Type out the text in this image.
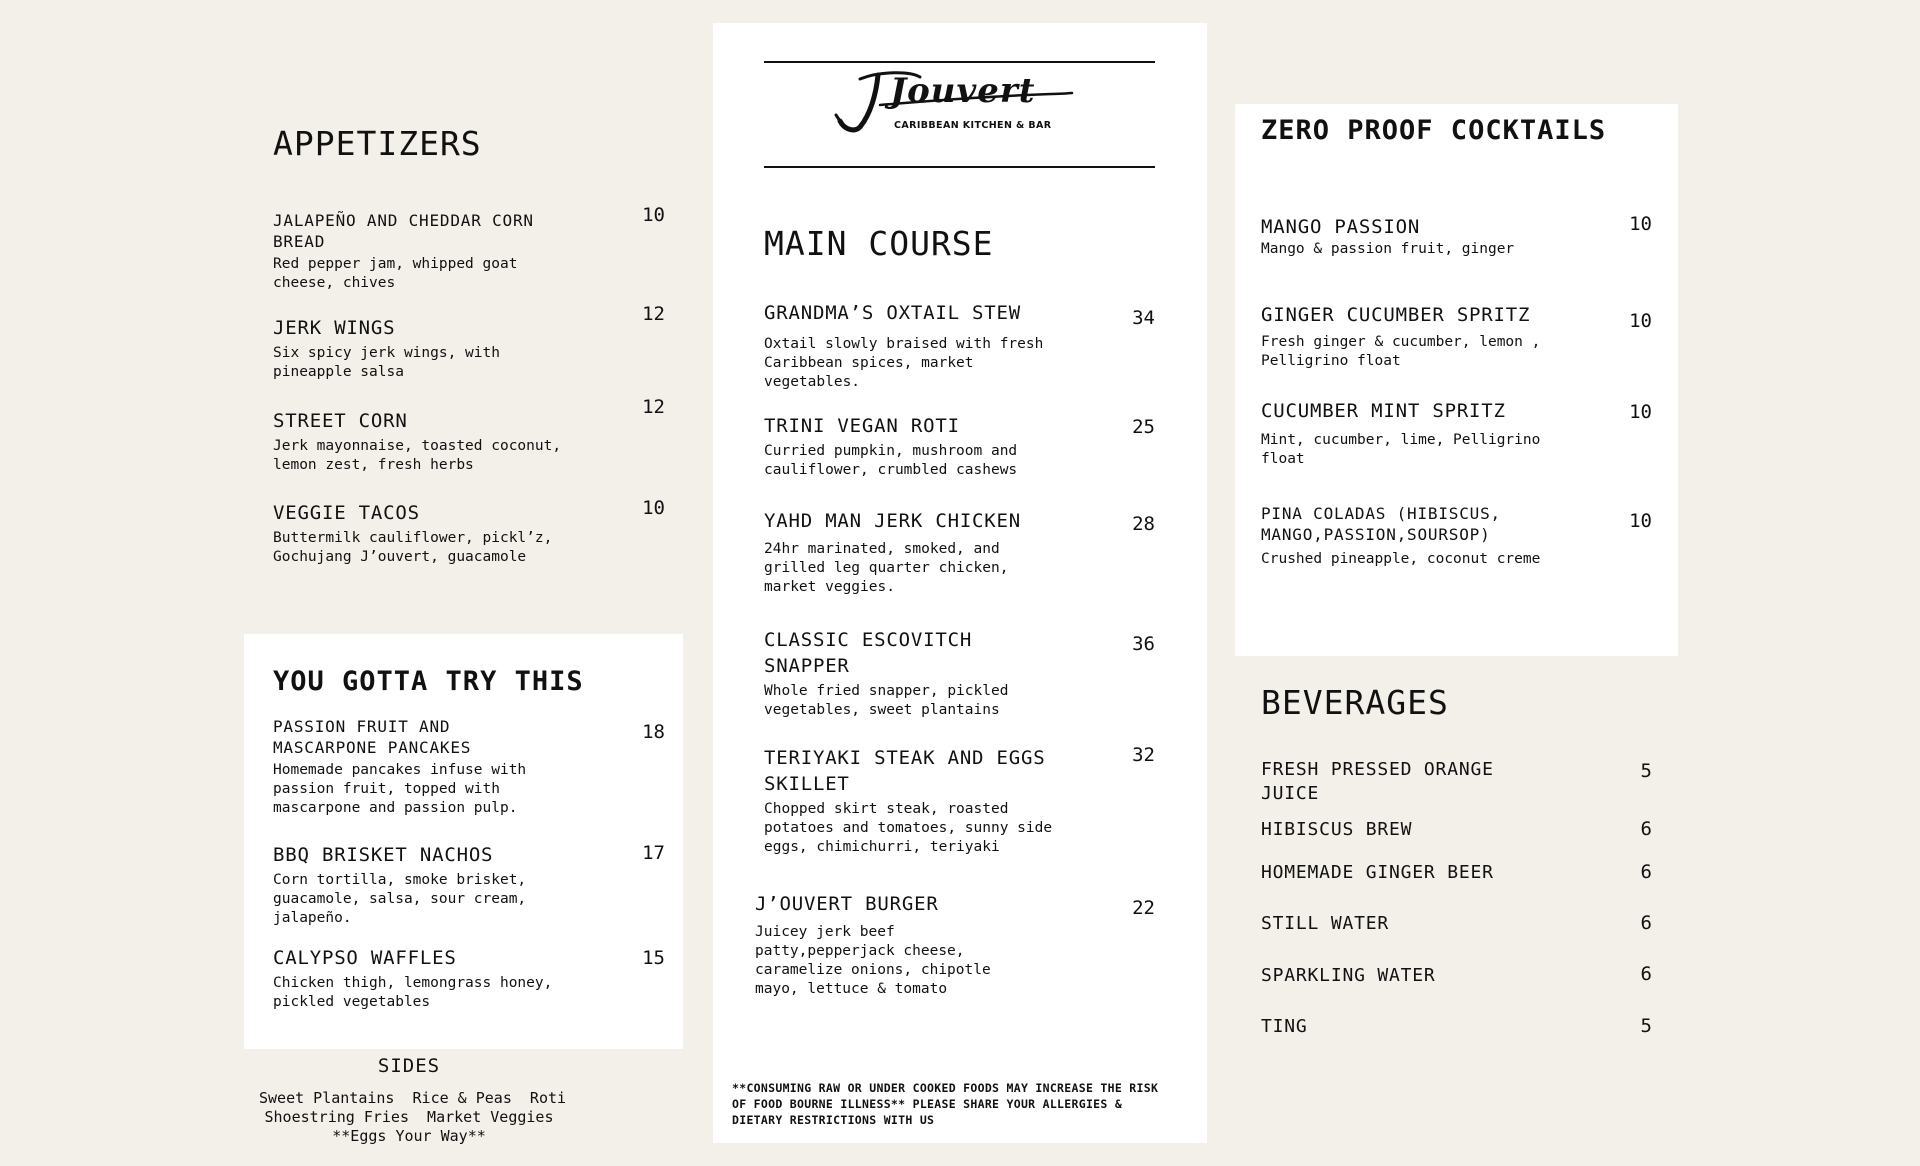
APPETIZERS
JALAPEÑO AND CHEDDAR CORN BREAD
Red pepper jam, whipped goat cheese, chives
10
JERK WINGS
Six spicy jerk wings, with pineapple salsa
12
STREET CORN
Jerk mayonnaise, toasted coconut, lemon zest, fresh herbs
12
VEGGIE TACOS
Buttermilk cauliflower, pickl’z, Gochujang J’ouvert, guacamole
10
YOU GOTTA TRY THIS
PASSION FRUIT AND MASCARPONE PANCAKES
Homemade pancakes infuse with passion fruit, topped with mascarpone and passion pulp.
18
BBQ BRISKET NACHOS
Corn tortilla, smoke brisket, guacamole, salsa, sour cream, jalapeño.
17
CALYPSO WAFFLES
Chicken thigh, lemongrass honey, pickled vegetables
15
SIDES
Sweet Plantains  Rice & Peas  Roti
Shoestring Fries  Market Veggies
**Eggs Your Way**
Jouvert
CARIBBEAN KITCHEN & BAR
MAIN COURSE
GRANDMA’S OXTAIL STEW
Oxtail slowly braised with fresh Caribbean spices, market vegetables.
34
TRINI VEGAN ROTI
Curried pumpkin, mushroom and cauliflower, crumbled cashews
25
YAHD MAN JERK CHICKEN
24hr marinated, smoked, and grilled leg quarter chicken, market veggies.
28
CLASSIC ESCOVITCH SNAPPER
Whole fried snapper, pickled vegetables, sweet plantains
36
TERIYAKI STEAK AND EGGS SKILLET
Chopped skirt steak, roasted potatoes and tomatoes, sunny side eggs, chimichurri, teriyaki
32
J’OUVERT BURGER
Juicey jerk beef patty,pepperjack cheese, caramelize onions, chipotle mayo, lettuce & tomato
22
**CONSUMING RAW OR UNDER COOKED FOODS MAY INCREASE THE RISK OF FOOD BOURNE ILLNESS** PLEASE SHARE YOUR ALLERGIES & DIETARY RESTRICTIONS WITH US
ZERO PROOF COCKTAILS
MANGO PASSION
Mango & passion fruit, ginger
10
GINGER CUCUMBER SPRITZ
Fresh ginger & cucumber, lemon , Pelligrino float
10
CUCUMBER MINT SPRITZ
Mint, cucumber, lime, Pelligrino float
10
PINA COLADAS (HIBISCUS, MANGO,PASSION,SOURSOP)
Crushed pineapple, coconut creme
10
BEVERAGES
FRESH PRESSED ORANGE JUICE
5
HIBISCUS BREW	6
HOMEMADE GINGER BEER	6
STILL WATER	6
SPARKLING WATER	6
TING	5
